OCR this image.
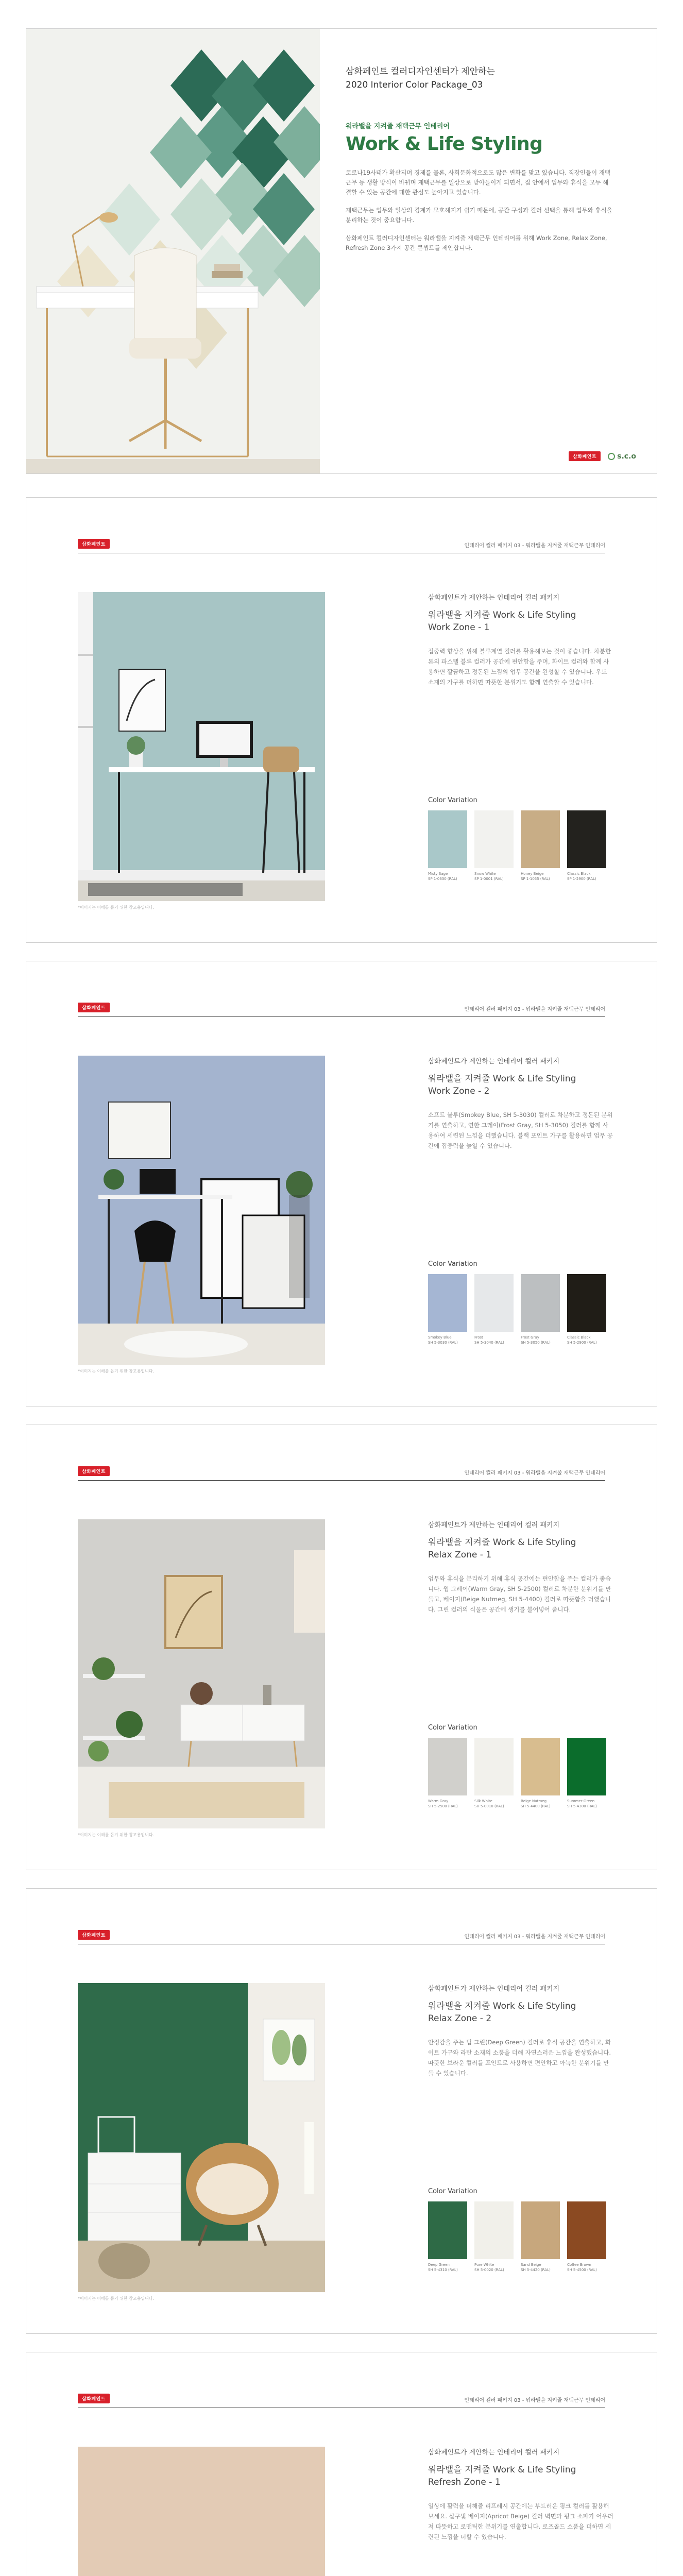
삼화페인트 컬러디자인센터가 제안하는
2020 Interior Color Package_03
워라밸을 지켜줄 재택근무 인테리어
Work & Life Styling

코로나19사태가 확산되며 경제를 물론, 사회문화적으로도 많은 변화를 맞고 있습니다. 직장인들이 재택근무 등 생활 방식이 바뀌며 재택근무를 일상으로 받아들이게 되면서, 집 안에서 업무와 휴식을 모두 해결할 수 있는 공간에 대한 관심도 높아지고 있습니다.

재택근무는 업무와 일상의 경계가 모호해지기 쉽기 때문에, 공간 구성과 컬러 선택을 통해 업무와 휴식을 분리하는 것이 중요합니다.

삼화페인트 컬러디자인센터는 워라밸을 지켜줄 재택근무 인테리어를 위해 Work Zone, Relax Zone, Refresh Zone 3가지 공간 콘셉트를 제안합니다.

삼화페인트	s.c.o
삼화페인트	인테리어 컬러 패키지 03 - 워라밸을 지켜줄 재택근무 인테리어
*이미지는 이해를 돕기 위한 참고용입니다.
삼화페인트가 제안하는 인테리어 컬러 패키지
워라밸을 지켜줄 Work & Life Styling
Work Zone - 1
집중력 향상을 위해 블루계열 컬러를 활용해보는 것이 좋습니다. 차분한 톤의 파스텔 블루 컬러가 공간에 편안함을 주며, 화이트 컬러와 함께 사용하면 깔끔하고 정돈된 느낌의 업무 공간을 완성할 수 있습니다. 우드 소재의 가구를 더하면 따뜻한 분위기도 함께 연출할 수 있습니다.
Color Variation
Misty Sage
SP 1-0630 (RAL)
Snow White
SP 1-0001 (RAL)
Honey Beige
SP 1-1055 (RAL)
Classic Black
SP 1-2900 (RAL)
삼화페인트	인테리어 컬러 패키지 03 - 워라밸을 지켜줄 재택근무 인테리어
*이미지는 이해를 돕기 위한 참고용입니다.
삼화페인트가 제안하는 인테리어 컬러 패키지
워라밸을 지켜줄 Work & Life Styling
Work Zone - 2
소프트 블루(Smokey Blue, SH 5-3030) 컬러로 차분하고 정돈된 분위기를 연출하고, 연한 그레이(Frost Gray, SH 5-3050) 컬러를 함께 사용하여 세련된 느낌을 더했습니다. 블랙 포인트 가구를 활용하면 업무 공간에 집중력을 높일 수 있습니다.
Color Variation
Smokey Blue
SH 5-3030 (RAL)
Frost
SH 5-3040 (RAL)
Frost Gray
SH 5-3050 (RAL)
Classic Black
SH 5-2900 (RAL)
삼화페인트	인테리어 컬러 패키지 03 - 워라밸을 지켜줄 재택근무 인테리어
*이미지는 이해를 돕기 위한 참고용입니다.
삼화페인트가 제안하는 인테리어 컬러 패키지
워라밸을 지켜줄 Work & Life Styling
Relax Zone - 1
업무와 휴식을 분리하기 위해 휴식 공간에는 편안함을 주는 컬러가 좋습니다. 웜 그레이(Warm Gray, SH 5-2500) 컬러로 차분한 분위기를 만들고, 베이지(Beige Nutmeg, SH 5-4400) 컬러로 따뜻함을 더했습니다. 그린 컬러의 식물은 공간에 생기를 불어넣어 줍니다.
Color Variation
Warm Gray
SH 5-2500 (RAL)
Silk White
SH 5-0010 (RAL)
Beige Nutmeg
SH 5-4400 (RAL)
Summer Green
SH 5-4300 (RAL)
삼화페인트	인테리어 컬러 패키지 03 - 워라밸을 지켜줄 재택근무 인테리어
*이미지는 이해를 돕기 위한 참고용입니다.
삼화페인트가 제안하는 인테리어 컬러 패키지
워라밸을 지켜줄 Work & Life Styling
Relax Zone - 2
안정감을 주는 딥 그린(Deep Green) 컬러로 휴식 공간을 연출하고, 화이트 가구와 라탄 소재의 소품을 더해 자연스러운 느낌을 완성했습니다. 따뜻한 브라운 컬러를 포인트로 사용하면 편안하고 아늑한 분위기를 만들 수 있습니다.
Color Variation
Deep Green
SH 5-4310 (RAL)
Pure White
SH 5-0020 (RAL)
Sand Beige
SH 5-4420 (RAL)
Coffee Brown
SH 5-4500 (RAL)
삼화페인트	인테리어 컬러 패키지 03 - 워라밸을 지켜줄 재택근무 인테리어
삼화페인트가 제안하는 인테리어 컬러 패키지
워라밸을 지켜줄 Work & Life Styling
Refresh Zone - 1
일상에 활력을 더해줄 리프레시 공간에는 부드러운 핑크 컬러를 활용해보세요. 살구빛 베이지(Apricot Beige) 컬러 벽면과 핑크 소파가 어우러져 따뜻하고 로맨틱한 분위기를 연출합니다. 로즈골드 소품을 더하면 세련된 느낌을 더할 수 있습니다.
